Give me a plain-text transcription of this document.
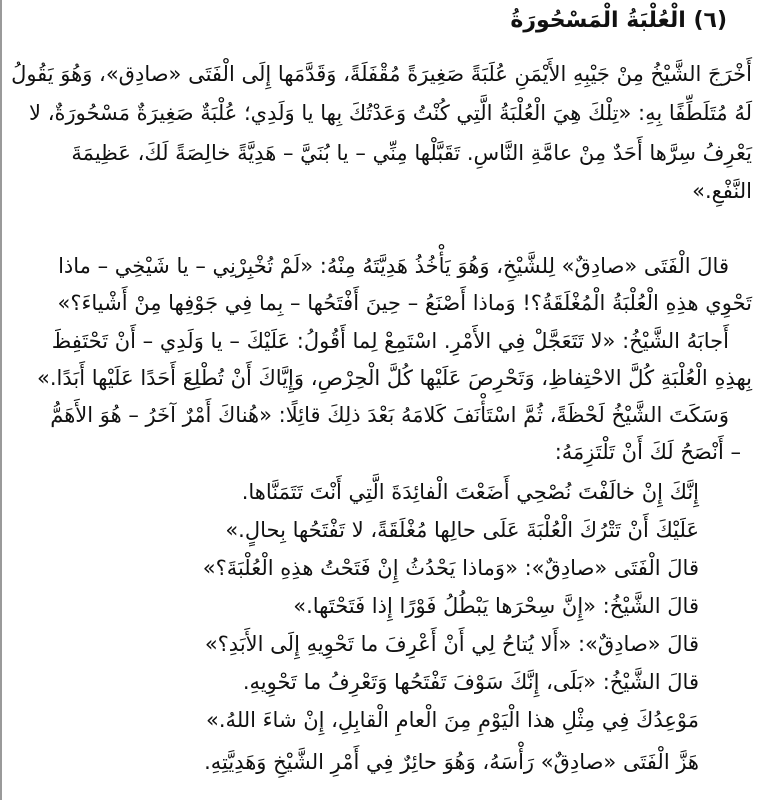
(٦) الْعُلْبَةُ الْمَسْحُورَةُ
أَخْرَجَ الشَّيْخُ مِنْ جَيْبِهِ الأَيْمَنِ عُلَبَةً صَغِيرَةً مُقْفَلَةً، وَقَدَّمَها إِلَى الْفَتَى «صادِق»، وَهُوَ يَقُولُ
لَهُ مُتَلَطِّفًا بِهِ: «تِلْكَ هِيَ الْعُلْبَةُ الَّتِي كُنْتُ وَعَدْتُكَ بِها يا وَلَدِي؛ عُلْبَةٌ صَغِيرَةٌ مَسْحُورَةٌ، لا
يَعْرِفُ سِرَّها أَحَدٌ مِنْ عامَّةِ النَّاسِ. تَقَبَّلْها مِنِّي – يا بُنَيَّ – هَدِيَّةً خالِصَةً لَكَ، عَظِيمَةَ
النَّفْعِ.»
قالَ الْفَتَى «صادِقٌ» لِلشَّيْخِ، وَهُوَ يَأْخُذُ هَدِيَّتَهُ مِنْهُ: «لَمْ تُخْبِرْنِي – يا شَيْخِي – ماذا
تَحْوِي هذِهِ الْعُلْبَةُ الْمُغْلَقَةُ؟! وَماذا أَصْنَعُ – حِينَ أَفْتَحُها – بِما فِي جَوْفِها مِنْ أَشْياءَ؟»
أَجابَهُ الشَّيْخُ: «لا تَتَعَجَّلْ فِي الأَمْرِ. اسْتَمِعْ لِما أَقُولُ: عَلَيْكَ – يا وَلَدِي – أَنْ تَحْتَفِظَ
بِهذِهِ الْعُلْبَةِ كُلَّ الاحْتِفاظِ، وَتَحْرِصَ عَلَيْها كُلَّ الْحِرْصِ، وَإِيَّاكَ أَنْ تُطْلِعَ أَحَدًا عَلَيْها أَبَدًا.»
وَسَكَتَ الشَّيْخُ لَحْظَةً، ثُمَّ اسْتَأْنَفَ كَلامَهُ بَعْدَ ذلِكَ قائِلًا: «هُناكَ أَمْرٌ آخَرُ – هُوَ الأَهَمُّ
– أَنْصَحُ لَكَ أَنْ تَلْتَزِمَهُ:
إِنَّكَ إِنْ خالَفْتَ نُصْحِي أَضَعْتَ الْفائِدَةَ الَّتِي أَنْتَ تَتَمَنَّاها.
عَلَيْكَ أَنْ تَتْرُكَ الْعُلْبَةَ عَلَى حالِها مُغْلَقَةً، لا تَفْتَحُها بِحالٍ.»
قالَ الْفَتَى «صادِقٌ»: «وَماذا يَحْدُثُ إِنْ فَتَحْتُ هذِهِ الْعُلْبَةَ؟»
قالَ الشَّيْخُ: «إِنَّ سِحْرَها يَبْطُلُ فَوْرًا إِذا فَتَحْتَها.»
قالَ «صادِقٌ»: «أَلا يُتاحُ لِي أَنْ أَعْرِفَ ما تَحْوِيهِ إِلَى الأَبَدِ؟»
قالَ الشَّيْخُ: «بَلَى، إِنَّكَ سَوْفَ تَفْتَحُها وَتَعْرِفُ ما تَحْوِيهِ.
مَوْعِدُكَ فِي مِثْلِ هذا الْيَوْمِ مِنَ الْعامِ الْقابِلِ، إِنْ شاءَ اللهُ.»
هَزَّ الْفَتَى «صادِقٌ» رَأْسَهُ، وَهُوَ حائِرٌ فِي أَمْرِ الشَّيْخِ وَهَدِيَّتِهِ.
